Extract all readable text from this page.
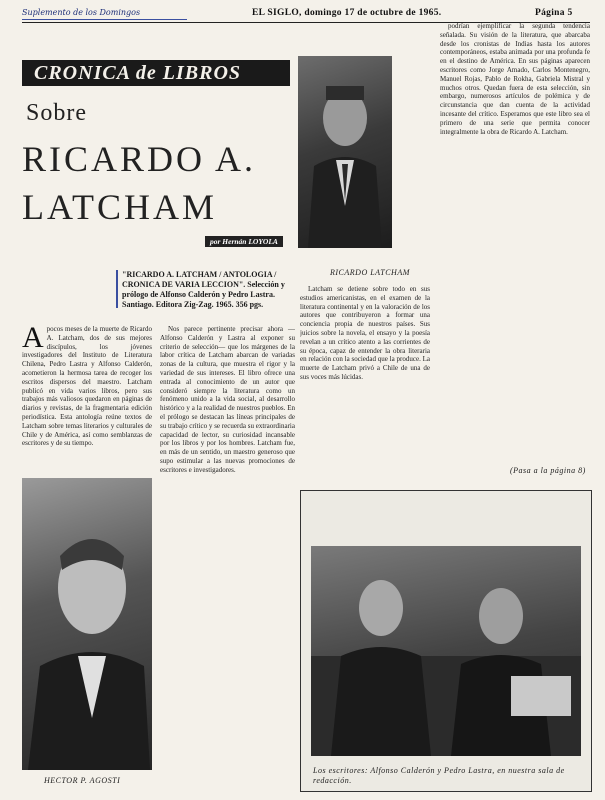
Suplemento de los Domingos	EL SIGLO, domingo 17 de octubre de 1965.	Página 5
CRONICA de LIBROS
Sobre
RICARDO A.
LATCHAM
por Hernán LOYOLA
RICARDO LATCHAM
"RICARDO A. LATCHAM / ANTOLOGIA / CRONICA DE VARIA LECCION". Selección y prólogo de Alfonso Calderón y Pedro Lastra. Santiago. Editora Zig-Zag. 1965. 356 pgs.
A pocos meses de la muerte de Ricardo A. Latcham, dos de sus mejores discípulos, los jóvenes investigadores del Instituto de Literatura Chilena, Pedro Lastra y Alfonso Calderón, acometieron la hermosa tarea de recoger los escritos dispersos del maestro. Latcham publicó en vida varios libros, pero sus trabajos más valiosos quedaron en páginas de diarios y revistas, de la fragmentaria edición periodística. Esta antología reúne textos de Latcham sobre temas literarios y culturales de Chile y de América, así como semblanzas de escritores y de su tiempo.
HECTOR P. AGOSTI

Nos parece pertinente precisar ahora —Alfonso Calderón y Lastra al exponer su criterio de selección— que los márgenes de la labor crítica de Latcham abarcan de variadas zonas de la cultura, que muestra el rigor y la variedad de sus intereses. El libro ofrece una entrada al conocimiento de un autor que consideró siempre la literatura como un fenómeno unido a la vida social, al desarrollo histórico y a la realidad de nuestros pueblos. En el prólogo se destacan las líneas principales de su trabajo crítico y se recuerda su extraordinaria capacidad de lector, su curiosidad incansable por los libros y por los hombres. Latcham fue, en más de un sentido, un maestro generoso que supo estimular a las nuevas promociones de escritores e investigadores.

Latcham se detiene sobre todo en sus estudios americanistas, en el examen de la literatura continental y en la valoración de los autores que contribuyeron a formar una conciencia propia de nuestros países. Sus juicios sobre la novela, el ensayo y la poesía revelan a un crítico atento a las corrientes de su época, capaz de entender la obra literaria en relación con la sociedad que la produce. La muerte de Latcham privó a Chile de una de sus voces más lúcidas.

podrían ejemplificar la segunda tendencia señalada. Su visión de la literatura, que abarcaba desde los cronistas de Indias hasta los autores contemporáneos, estaba animada por una profunda fe en el destino de América. En sus páginas aparecen escritores como Jorge Amado, Carlos Montenegro, Manuel Rojas, Pablo de Rokha, Gabriela Mistral y muchos otros. Quedan fuera de esta selección, sin embargo, numerosos artículos de polémica y de circunstancia que dan cuenta de la actividad incesante del crítico. Esperamos que este libro sea el primero de una serie que permita conocer integralmente la obra de Ricardo A. Latcham.

(Pasa a la página 8)
Los escritores: Alfonso Calderón y Pedro Lastra, en nuestra sala de redacción.
